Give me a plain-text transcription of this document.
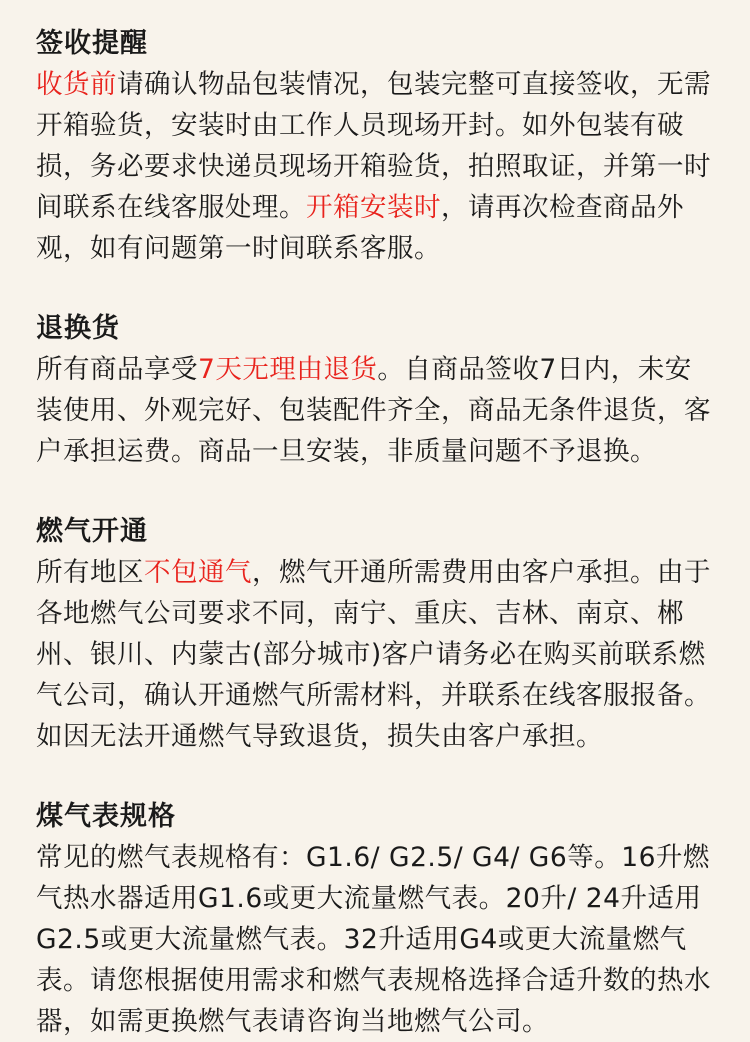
签收提醒

收货前请确认物品包装情况，包装完整可直接签收，无需开箱验货，安装时由工作人员现场开封。如外包装有破损，务必要求快递员现场开箱验货，拍照取证，并第一时间联系在线客服处理。开箱安装时，请再次检查商品外观，如有问题第一时间联系客服。

退换货

所有商品享受7天无理由退货。自商品签收7日内，未安装使用、外观完好、包装配件齐全，商品无条件退货，客户承担运费。商品一旦安装，非质量问题不予退换。

燃气开通

所有地区不包通气，燃气开通所需费用由客户承担。由于各地燃气公司要求不同，南宁、重庆、吉林、南京、郴州、银川、内蒙古(部分城市)客户请务必在购买前联系燃气公司，确认开通燃气所需材料，并联系在线客服报备。如因无法开通燃气导致退货，损失由客户承担。

煤气表规格

常见的燃气表规格有：G1.6/ G2.5/ G4/ G6等。16升燃气热水器适用G1.6或更大流量燃气表。20升/ 24升适用G2.5或更大流量燃气表。32升适用G4或更大流量燃气表。请您根据使用需求和燃气表规格选择合适升数的热水器，如需更换燃气表请咨询当地燃气公司。
